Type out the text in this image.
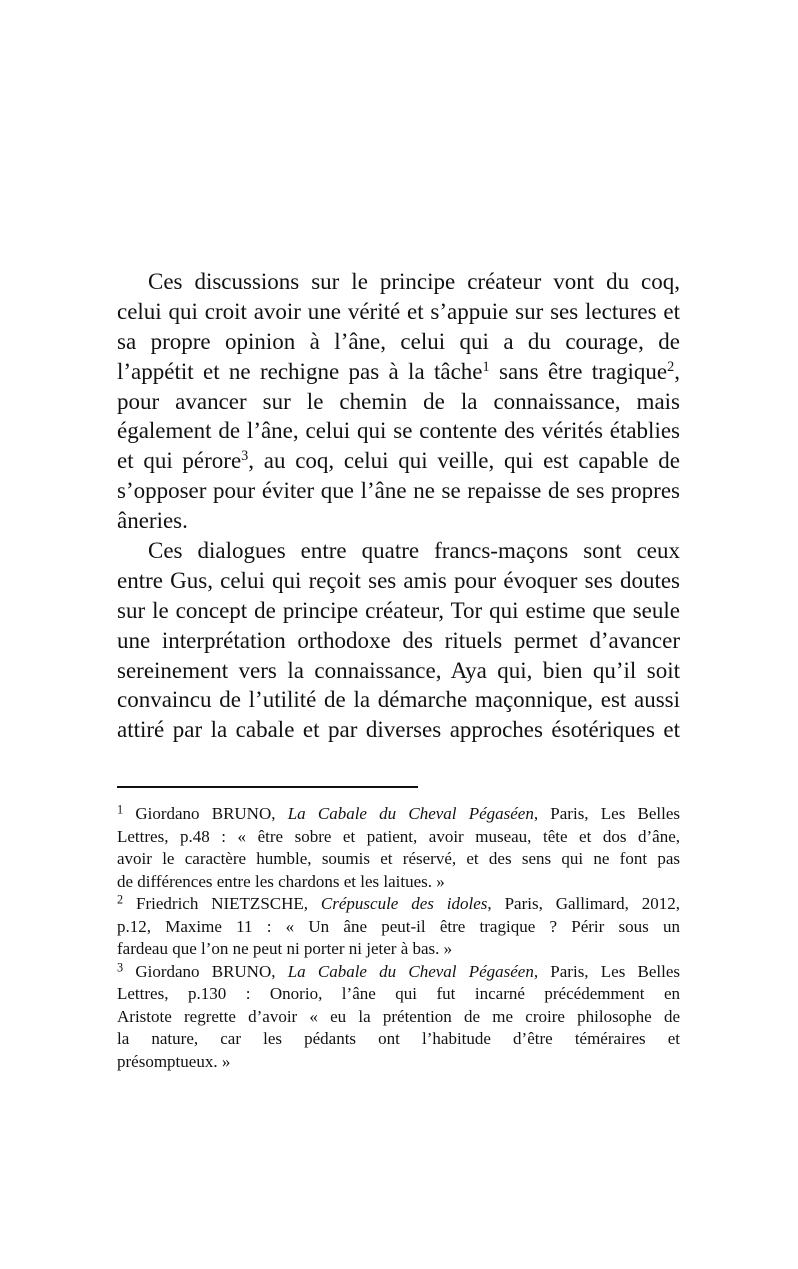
Ces discussions sur le principe créateur vont du coq,
celui qui croit avoir une vérité et s’appuie sur ses lectures et
sa propre opinion à l’âne, celui qui a du courage, de
l’appétit et ne rechigne pas à la tâche$^1$ sans être tragique$^2$,
pour avancer sur le chemin de la connaissance, mais
également de l’âne, celui qui se contente des vérités établies
et qui pérore$^3$, au coq, celui qui veille, qui est capable de
s’opposer pour éviter que l’âne ne se repaisse de ses propres
âneries.
Ces dialogues entre quatre francs-maçons sont ceux
entre Gus, celui qui reçoit ses amis pour évoquer ses doutes
sur le concept de principe créateur, Tor qui estime que seule
une interprétation orthodoxe des rituels permet d’avancer
sereinement vers la connaissance, Aya qui, bien qu’il soit
convaincu de l’utilité de la démarche maçonnique, est aussi
attiré par la cabale et par diverses approches ésotériques et
$^1$ Giordano BRUNO, La Cabale du Cheval Pégaséen, Paris, Les Belles
Lettres, p.48 : « être sobre et patient, avoir museau, tête et dos d’âne,
avoir le caractère humble, soumis et réservé, et des sens qui ne font pas
de différences entre les chardons et les laitues. »
$^2$ Friedrich NIETZSCHE, Crépuscule des idoles, Paris, Gallimard, 2012,
p.12, Maxime 11 : « Un âne peut-il être tragique ? Périr sous un
fardeau que l’on ne peut ni porter ni jeter à bas. »
$^3$ Giordano BRUNO, La Cabale du Cheval Pégaséen, Paris, Les Belles
Lettres, p.130 : Onorio, l’âne qui fut incarné précédemment en
Aristote regrette d’avoir « eu la prétention de me croire philosophe de
la nature, car les pédants ont l’habitude d’être téméraires et
présomptueux. »
